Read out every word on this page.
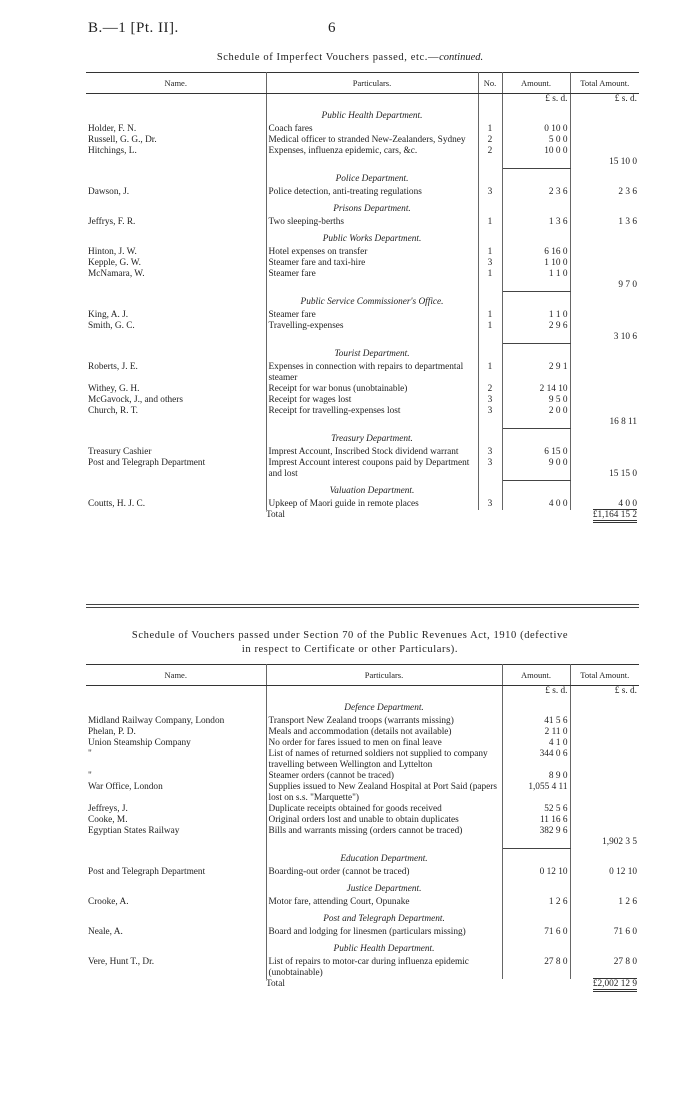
B.—1 [Pt. II].	6
Schedule of Imperfect Vouchers passed, etc.—continued.
Name.	Particulars.	No.	Amount.	Total Amount.
			£ s. d.	£ s. d.
	Public Health Department.			
Holder, F. N.	Coach fares	1	0 10 0	
Russell, G. G., Dr.	Medical officer to stranded New-Zealanders, Sydney	2	5 0 0	
Hitchings, L.	Expenses, influenza epidemic, cars, &c.	2	10 0 0	15 10 0
	Police Department.			
Dawson, J.	Police detection, anti-treating regulations	3	2 3 6	2 3 6
	Prisons Department.			
Jeffrys, F. R.	Two sleeping-berths	1	1 3 6	1 3 6
	Public Works Department.			
Hinton, J. W.	Hotel expenses on transfer	1	6 16 0	
Kepple, G. W.	Steamer fare and taxi-hire	3	1 10 0	
McNamara, W.	Steamer fare	1	1 1 0	9 7 0
	Public Service Commissioner's Office.			
King, A. J.	Steamer fare	1	1 1 0	
Smith, G. C.	Travelling-expenses	1	2 9 6	3 10 6
	Tourist Department.			
Roberts, J. E.	Expenses in connection with repairs to departmental steamer	1	2 9 1	
Withey, G. H.	Receipt for war bonus (unobtainable)	2	2 14 10	
McGavock, J., and others	Receipt for wages lost	3	9 5 0	
Church, R. T.	Receipt for travelling-expenses lost	3	2 0 0	16 8 11
	Treasury Department.			
Treasury Cashier	Imprest Account, Inscribed Stock dividend warrant	3	6 15 0	
Post and Telegraph Department	Imprest Account interest coupons paid by Department and lost	3	9 0 0	15 15 0
	Valuation Department.			
Coutts, H. J. C.	Upkeep of Maori guide in remote places	3	4 0 0	4 0 0
	Total			£1,164 15 2
Schedule of Vouchers passed under Section 70 of the Public Revenues Act, 1910 (defective
in respect to Certificate or other Particulars).
Name.	Particulars.	Amount.	Total Amount.
		£ s. d.	£ s. d.
	Defence Department.		
Midland Railway Company, London	Transport New Zealand troops (warrants missing)	41 5 6	
Phelan, P. D.	Meals and accommodation (details not available)	2 11 0	
Union Steamship Company	No order for fares issued to men on final leave	4 1 0	
"	List of names of returned soldiers not supplied to company travelling between Wellington and Lyttelton	344 0 6	
"	Steamer orders (cannot be traced)	8 9 0	
War Office, London	Supplies issued to New Zealand Hospital at Port Said (papers lost on s.s. "Marquette")	1,055 4 11	
Jeffreys, J.	Duplicate receipts obtained for goods received	52 5 6	
Cooke, M.	Original orders lost and unable to obtain duplicates	11 16 6	
Egyptian States Railway	Bills and warrants missing (orders cannot be traced)	382 9 6	1,902 3 5
	Education Department.		
Post and Telegraph Department	Boarding-out order (cannot be traced)	0 12 10	0 12 10
	Justice Department.		
Crooke, A.	Motor fare, attending Court, Opunake	1 2 6	1 2 6
	Post and Telegraph Department.		
Neale, A.	Board and lodging for linesmen (particulars missing)	71 6 0	71 6 0
	Public Health Department.		
Vere, Hunt T., Dr.	List of repairs to motor-car during influenza epidemic (unobtainable)	27 8 0	27 8 0
	Total		£2,002 12 9
